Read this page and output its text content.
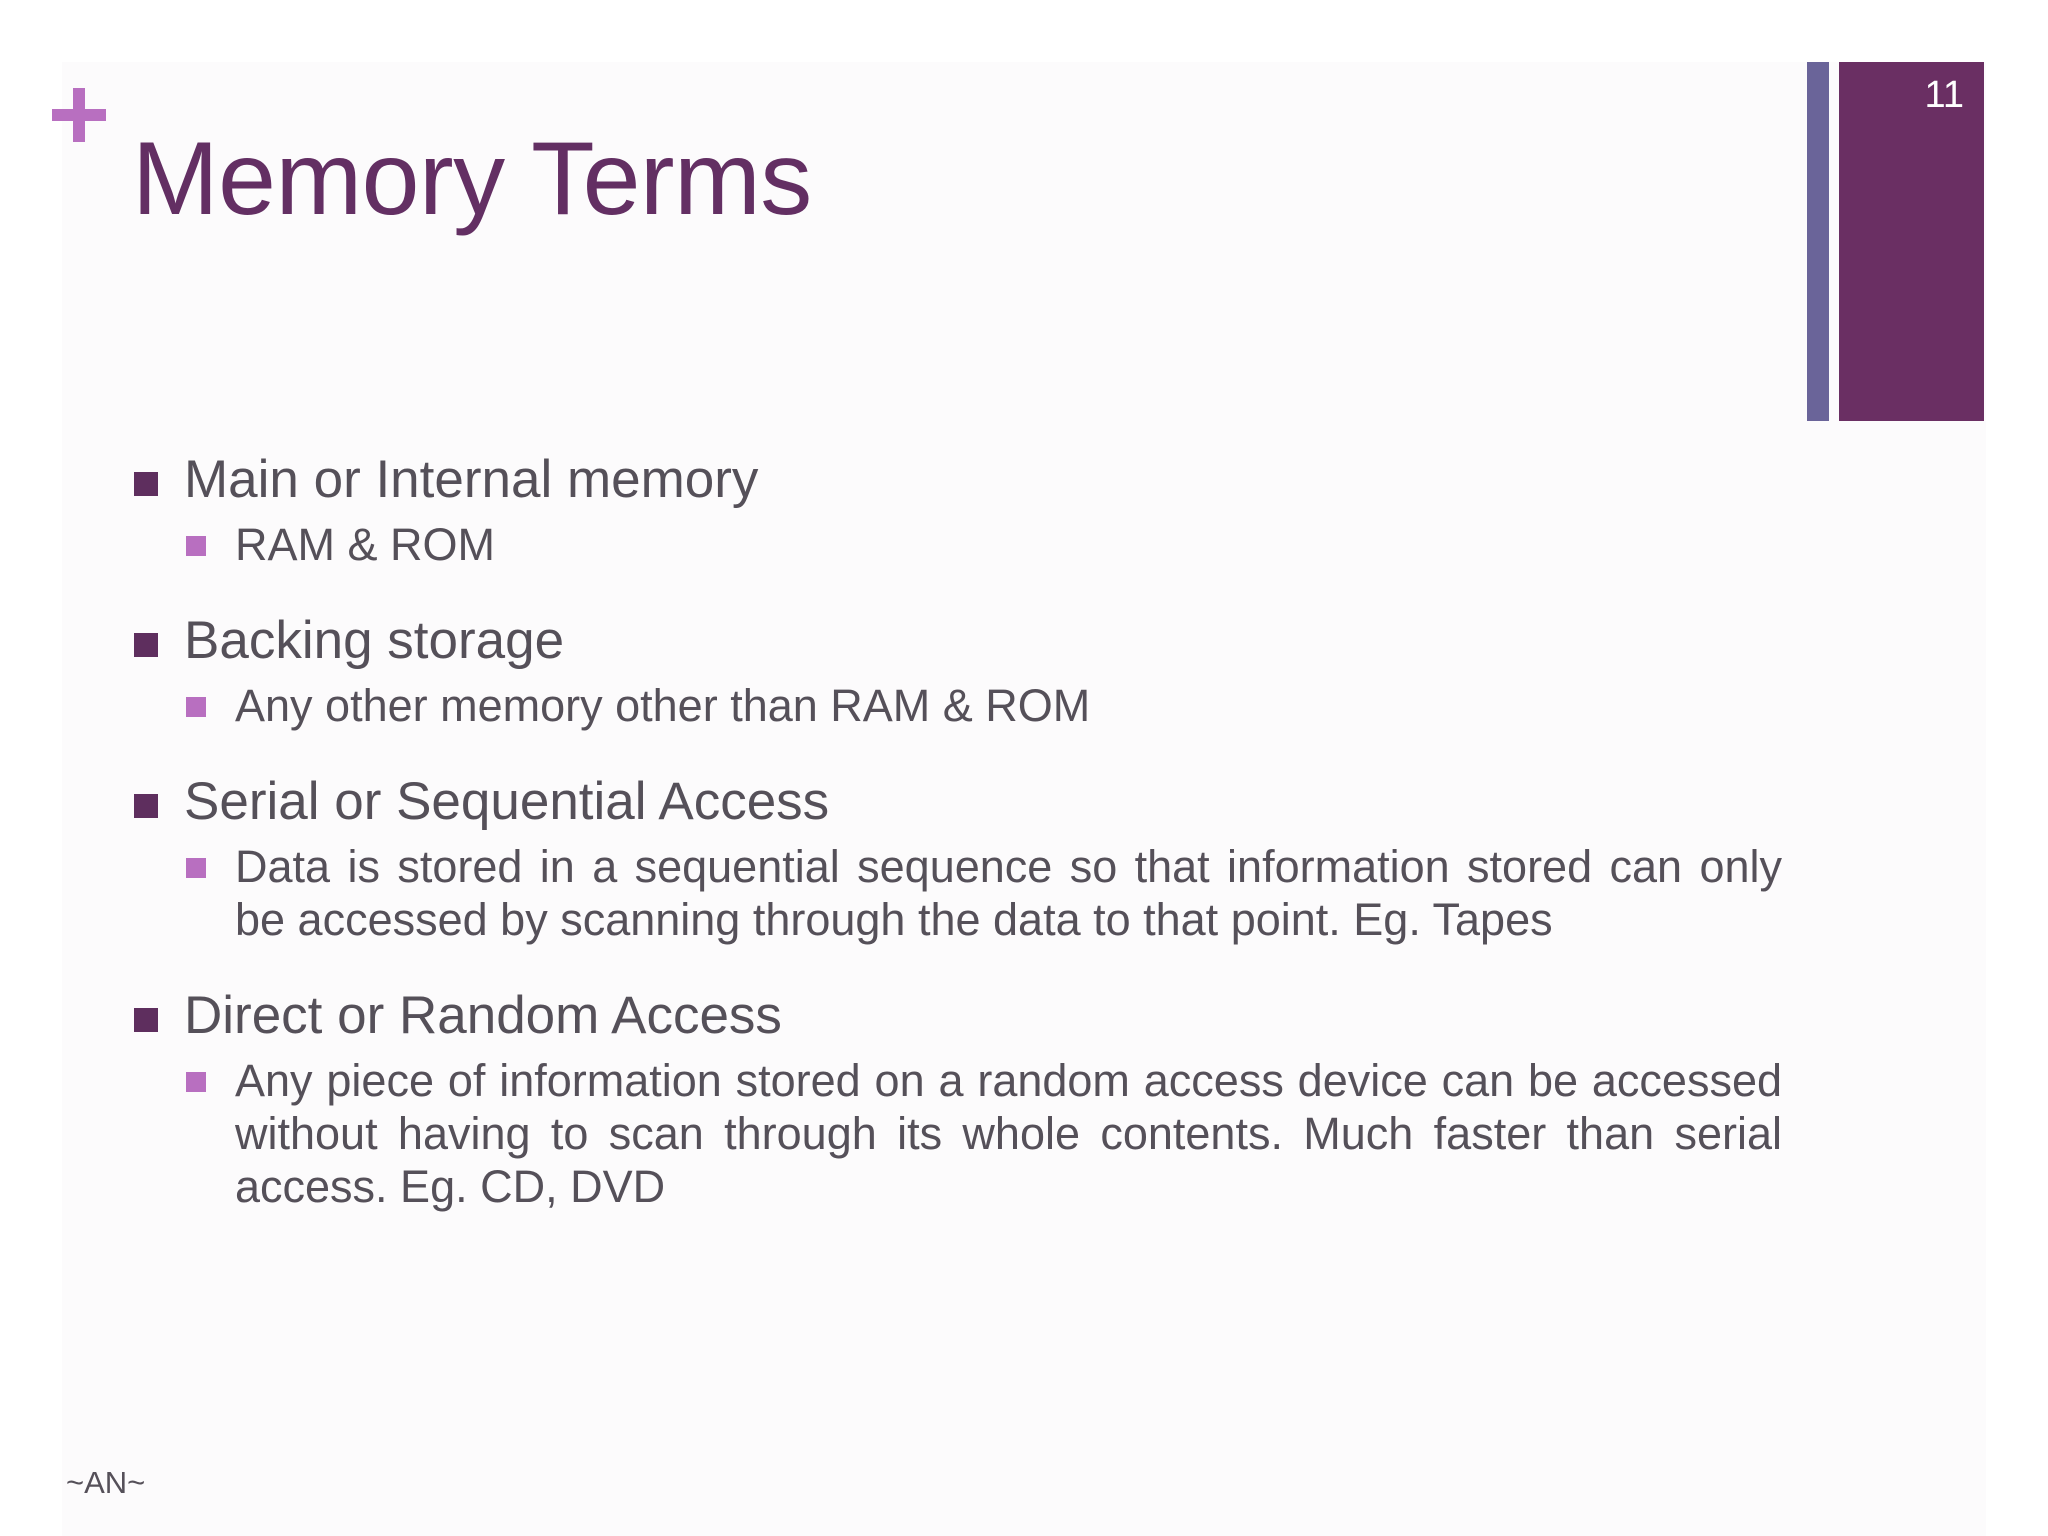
Memory Terms
11
Main or Internal memory
RAM & ROM
Backing storage
Any other memory other than RAM & ROM
Serial or Sequential Access
Data is stored in a sequential sequence so that information stored can only be accessed by scanning through the data to that point. Eg. Tapes
Direct or Random Access
Any piece of information stored on a random access device can be accessed without having to scan through its whole contents. Much faster than serial access. Eg. CD, DVD
~AN~
